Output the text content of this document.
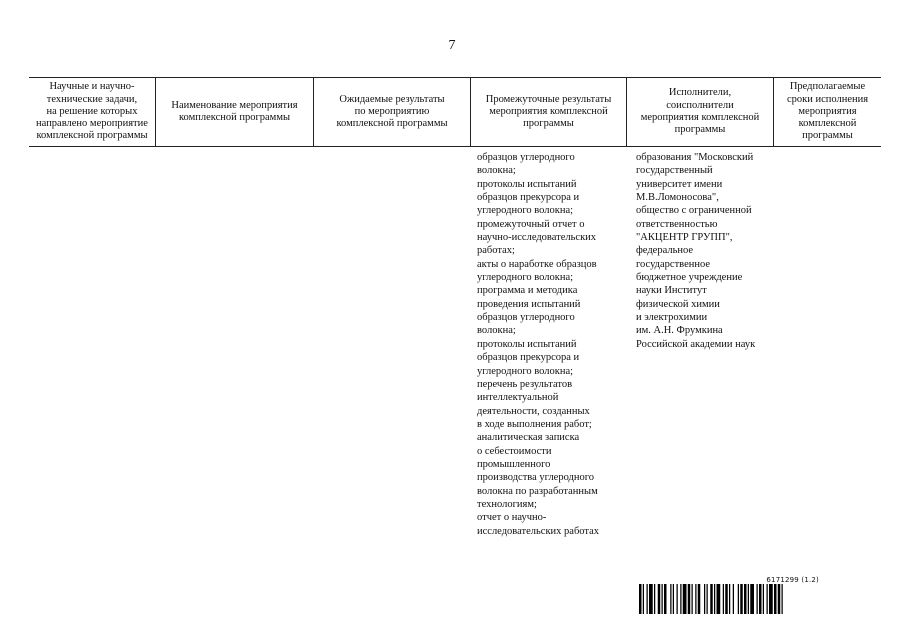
7
Научные и научно-
технические задачи,
на решение которых
направлено мероприятие
комплексной программы
Наименование мероприятия
комплексной программы
Ожидаемые результаты
по мероприятию
комплексной программы
Промежуточные результаты
мероприятия комплексной
программы
Исполнители,
соисполнители
мероприятия комплексной
программы
Предполагаемые
сроки исполнения
мероприятия
комплексной
программы
образцов углеродного
волокна;
протоколы испытаний
образцов прекурсора и
углеродного волокна;
промежуточный отчет о
научно-исследовательских
работах;
акты о наработке образцов
углеродного волокна;
программа и методика
проведения испытаний
образцов углеродного
волокна;
протоколы испытаний
образцов прекурсора и
углеродного волокна;
перечень результатов
интеллектуальной
деятельности, созданных
в ходе выполнения работ;
аналитическая записка
о себестоимости
промышленного
производства углеродного
волокна по разработанным
технологиям;
отчет о научно-
исследовательских работах
образования "Московский
государственный
университет имени
М.В.Ломоносова",
общество с ограниченной
ответственностью
"АКЦЕНТР ГРУПП",
федеральное
государственное
бюджетное учреждение
науки Институт
физической химии
и электрохимии
им. А.Н. Фрумкина
Российской академии наук
6171299 (1.2)
